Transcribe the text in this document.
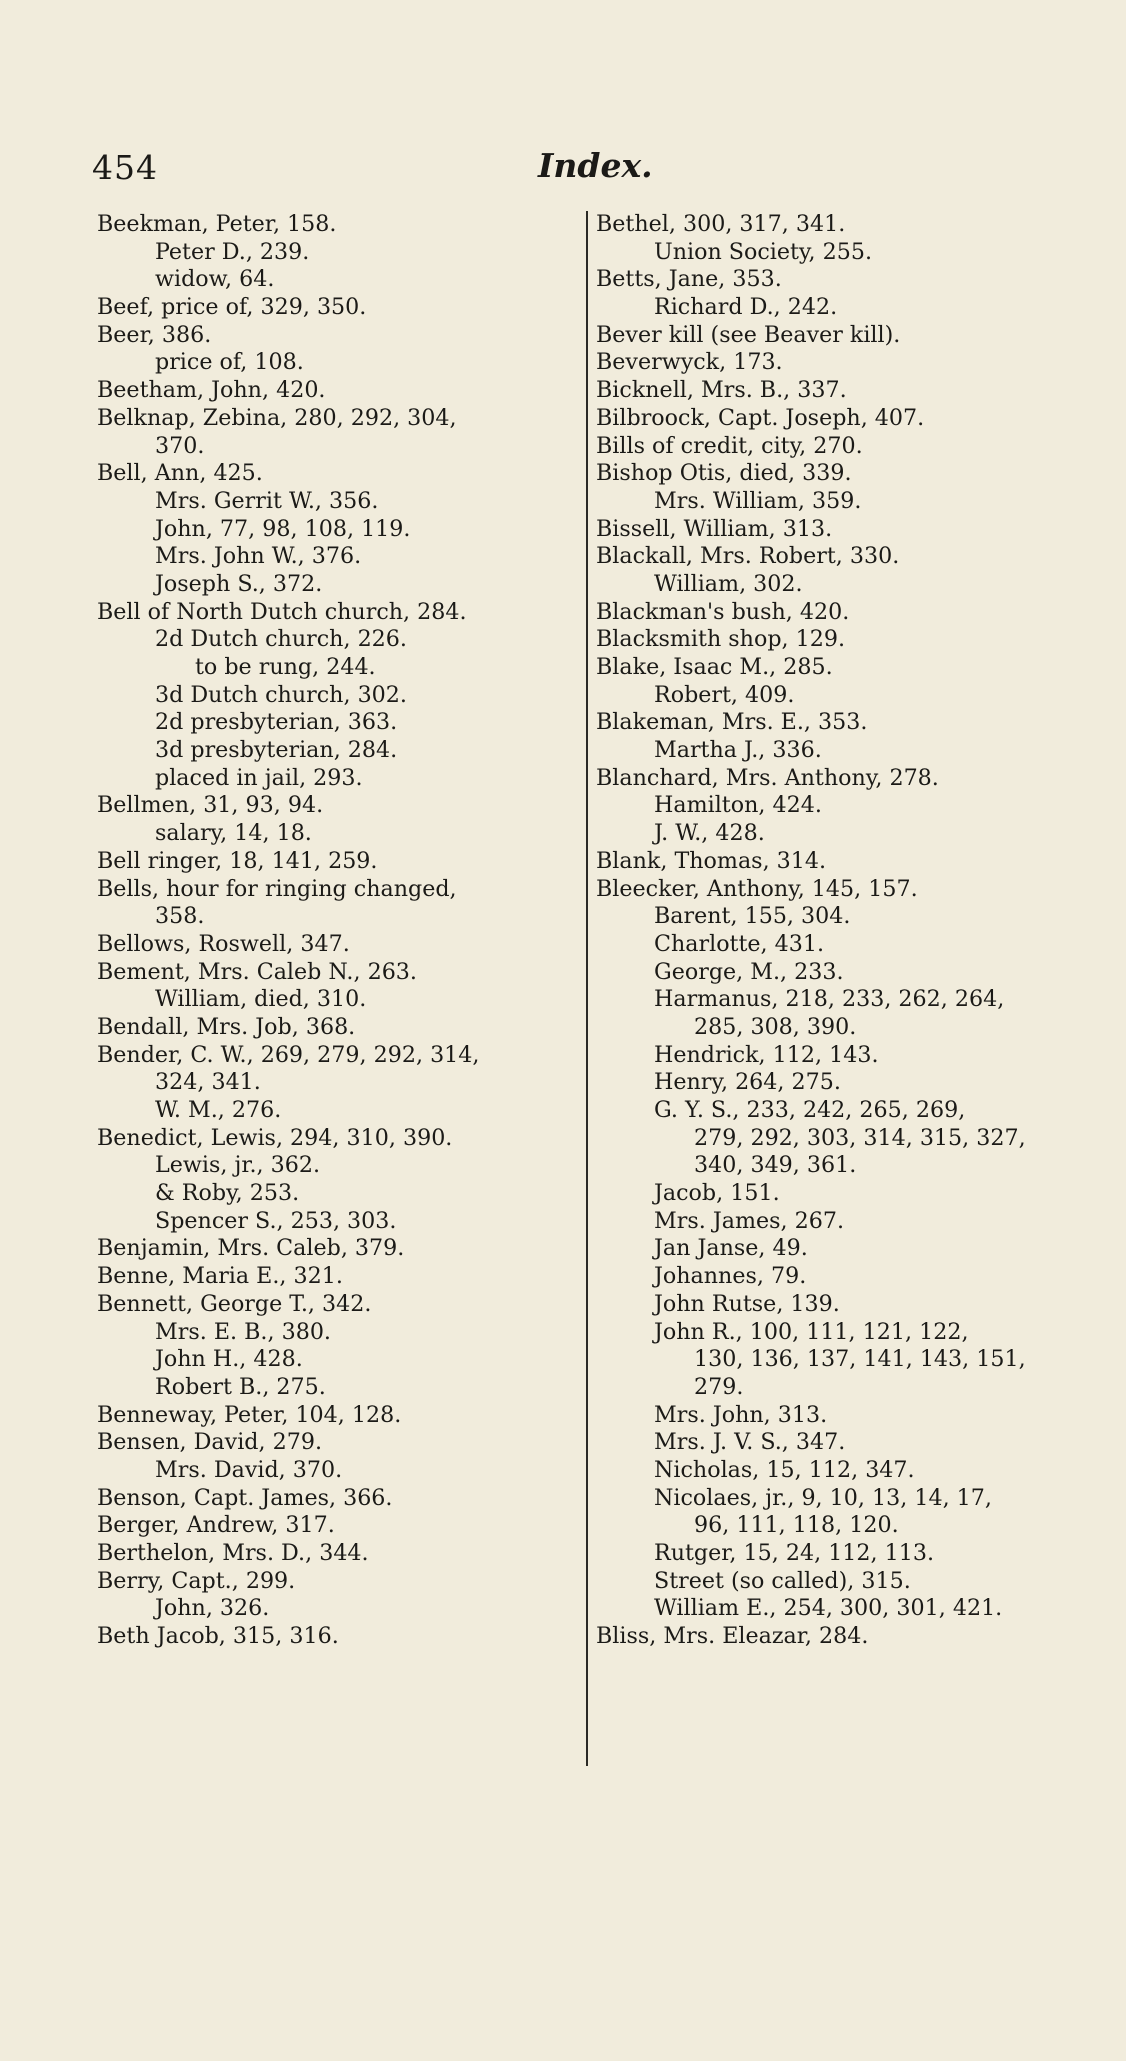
454	Index.
Beekman, Peter, 158.
Peter D., 239.
widow, 64.
Beef, price of, 329, 350.
Beer, 386.
price of, 108.
Beetham, John, 420.
Belknap, Zebina, 280, 292, 304,
370.
Bell, Ann, 425.
Mrs. Gerrit W., 356.
John, 77, 98, 108, 119.
Mrs. John W., 376.
Joseph S., 372.
Bell of North Dutch church, 284.
2d Dutch church, 226.
to be rung, 244.
3d Dutch church, 302.
2d presbyterian, 363.
3d presbyterian, 284.
placed in jail, 293.
Bellmen, 31, 93, 94.
salary, 14, 18.
Bell ringer, 18, 141, 259.
Bells, hour for ringing changed,
358.
Bellows, Roswell, 347.
Bement, Mrs. Caleb N., 263.
William, died, 310.
Bendall, Mrs. Job, 368.
Bender, C. W., 269, 279, 292, 314,
324, 341.
W. M., 276.
Benedict, Lewis, 294, 310, 390.
Lewis, jr., 362.
& Roby, 253.
Spencer S., 253, 303.
Benjamin, Mrs. Caleb, 379.
Benne, Maria E., 321.
Bennett, George T., 342.
Mrs. E. B., 380.
John H., 428.
Robert B., 275.
Benneway, Peter, 104, 128.
Bensen, David, 279.
Mrs. David, 370.
Benson, Capt. James, 366.
Berger, Andrew, 317.
Berthelon, Mrs. D., 344.
Berry, Capt., 299.
John, 326.
Beth Jacob, 315, 316.
Bethel, 300, 317, 341.
Union Society, 255.
Betts, Jane, 353.
Richard D., 242.
Bever kill (see Beaver kill).
Beverwyck, 173.
Bicknell, Mrs. B., 337.
Bilbroock, Capt. Joseph, 407.
Bills of credit, city, 270.
Bishop Otis, died, 339.
Mrs. William, 359.
Bissell, William, 313.
Blackall, Mrs. Robert, 330.
William, 302.
Blackman's bush, 420.
Blacksmith shop, 129.
Blake, Isaac M., 285.
Robert, 409.
Blakeman, Mrs. E., 353.
Martha J., 336.
Blanchard, Mrs. Anthony, 278.
Hamilton, 424.
J. W., 428.
Blank, Thomas, 314.
Bleecker, Anthony, 145, 157.
Barent, 155, 304.
Charlotte, 431.
George, M., 233.
Harmanus, 218, 233, 262, 264,
285, 308, 390.
Hendrick, 112, 143.
Henry, 264, 275.
G. Y. S., 233, 242, 265, 269,
279, 292, 303, 314, 315, 327,
340, 349, 361.
Jacob, 151.
Mrs. James, 267.
Jan Janse, 49.
Johannes, 79.
John Rutse, 139.
John R., 100, 111, 121, 122,
130, 136, 137, 141, 143, 151,
279.
Mrs. John, 313.
Mrs. J. V. S., 347.
Nicholas, 15, 112, 347.
Nicolaes, jr., 9, 10, 13, 14, 17,
96, 111, 118, 120.
Rutger, 15, 24, 112, 113.
Street (so called), 315.
William E., 254, 300, 301, 421.
Bliss, Mrs. Eleazar, 284.
